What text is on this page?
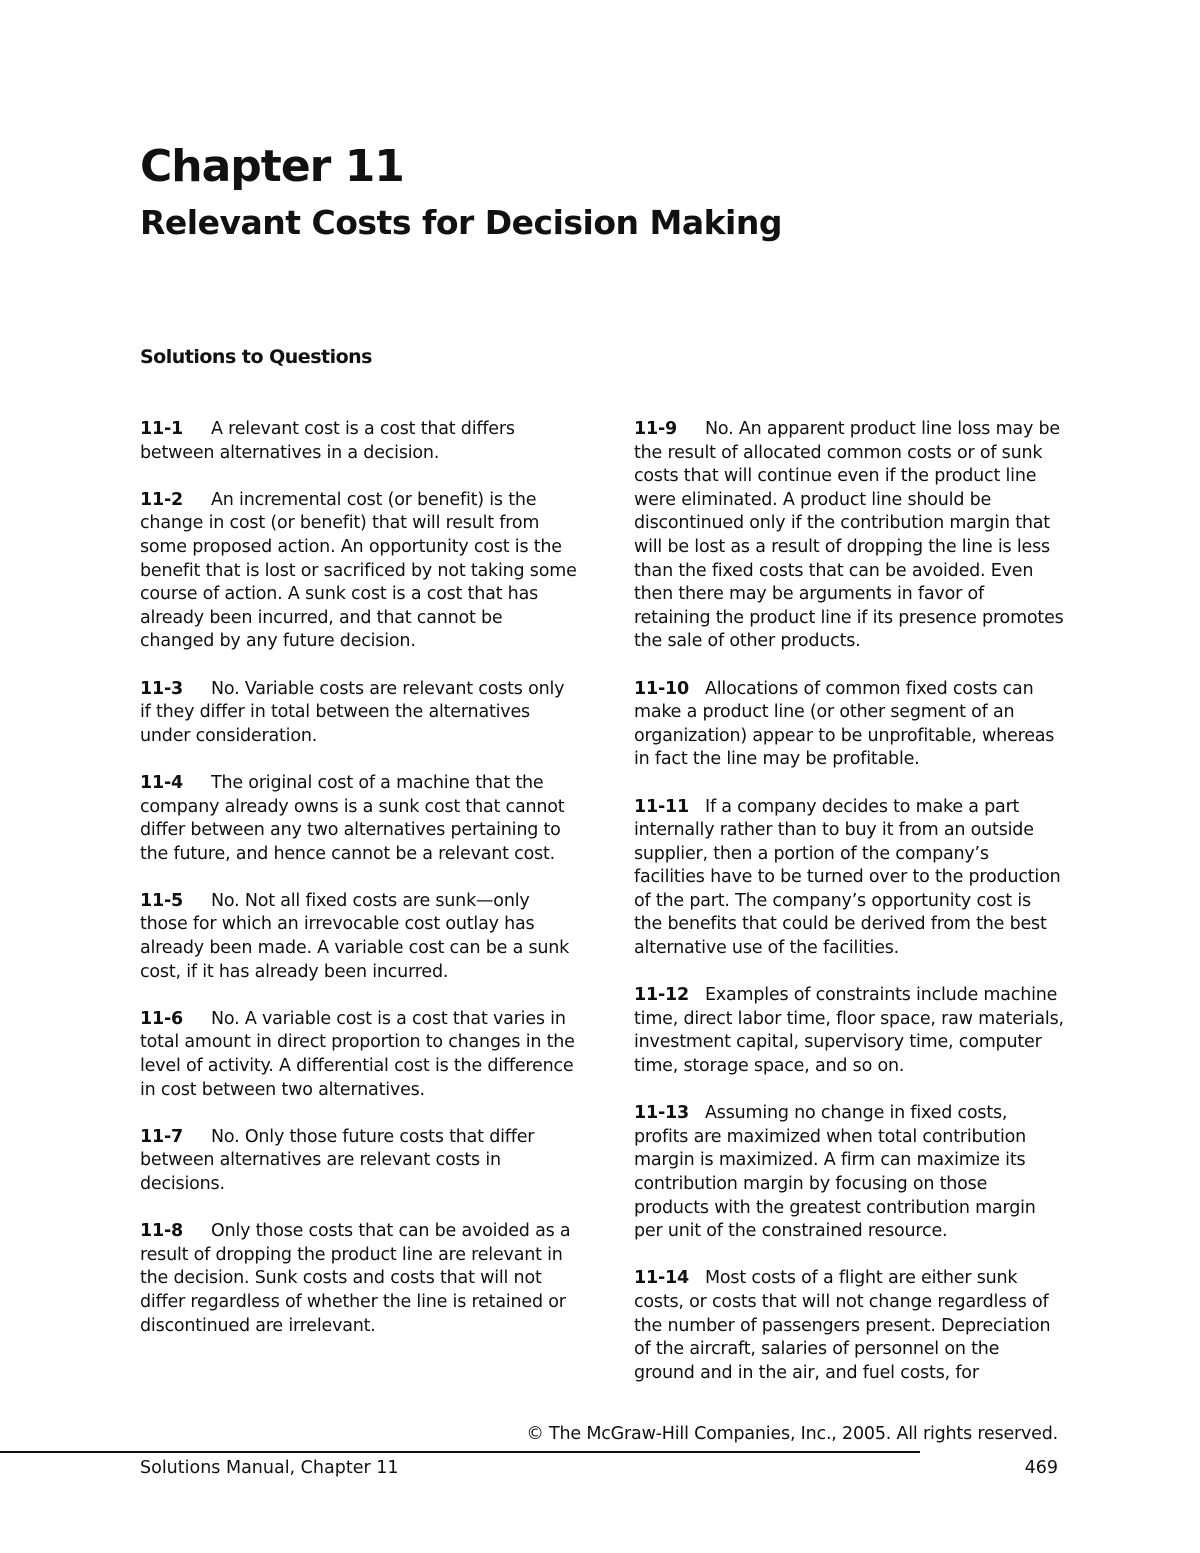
Chapter 11
Relevant Costs for Decision Making
Solutions to Questions

11-1 A relevant cost is a cost that differs between alternatives in a decision.

11-2 An incremental cost (or benefit) is the change in cost (or benefit) that will result from some proposed action. An opportunity cost is the benefit that is lost or sacrificed by not taking some course of action. A sunk cost is a cost that has already been incurred, and that cannot be changed by any future decision.

11-3 No. Variable costs are relevant costs only if they differ in total between the alternatives under consideration.

11-4 The original cost of a machine that the company already owns is a sunk cost that cannot differ between any two alternatives pertaining to the future, and hence cannot be a relevant cost.

11-5 No. Not all fixed costs are sunk—only those for which an irrevocable cost outlay has already been made. A variable cost can be a sunk cost, if it has already been incurred.

11-6 No. A variable cost is a cost that varies in total amount in direct proportion to changes in the level of activity. A differential cost is the difference in cost between two alternatives.

11-7 No. Only those future costs that differ between alternatives are relevant costs in decisions.

11-8 Only those costs that can be avoided as a result of dropping the product line are relevant in the decision. Sunk costs and costs that will not differ regardless of whether the line is retained or discontinued are irrelevant.

11-9 No. An apparent product line loss may be the result of allocated common costs or of sunk costs that will continue even if the product line were eliminated. A product line should be discontinued only if the contribution margin that will be lost as a result of dropping the line is less than the fixed costs that can be avoided. Even then there may be arguments in favor of retaining the product line if its presence promotes the sale of other products.

11-10 Allocations of common fixed costs can make a product line (or other segment of an organization) appear to be unprofitable, whereas in fact the line may be profitable.

11-11 If a company decides to make a part internally rather than to buy it from an outside supplier, then a portion of the company’s facilities have to be turned over to the production of the part. The company’s opportunity cost is the benefits that could be derived from the best alternative use of the facilities.

11-12 Examples of constraints include machine time, direct labor time, floor space, raw materials, investment capital, supervisory time, computer time, storage space, and so on.

11-13 Assuming no change in fixed costs, profits are maximized when total contribution margin is maximized. A firm can maximize its contribution margin by focusing on those products with the greatest contribution margin per unit of the constrained resource.

11-14 Most costs of a flight are either sunk costs, or costs that will not change regardless of the number of passengers present. Depreciation of the aircraft, salaries of personnel on the ground and in the air, and fuel costs, for

© The McGraw-Hill Companies, Inc., 2005. All rights reserved.
Solutions Manual, Chapter 11	469
